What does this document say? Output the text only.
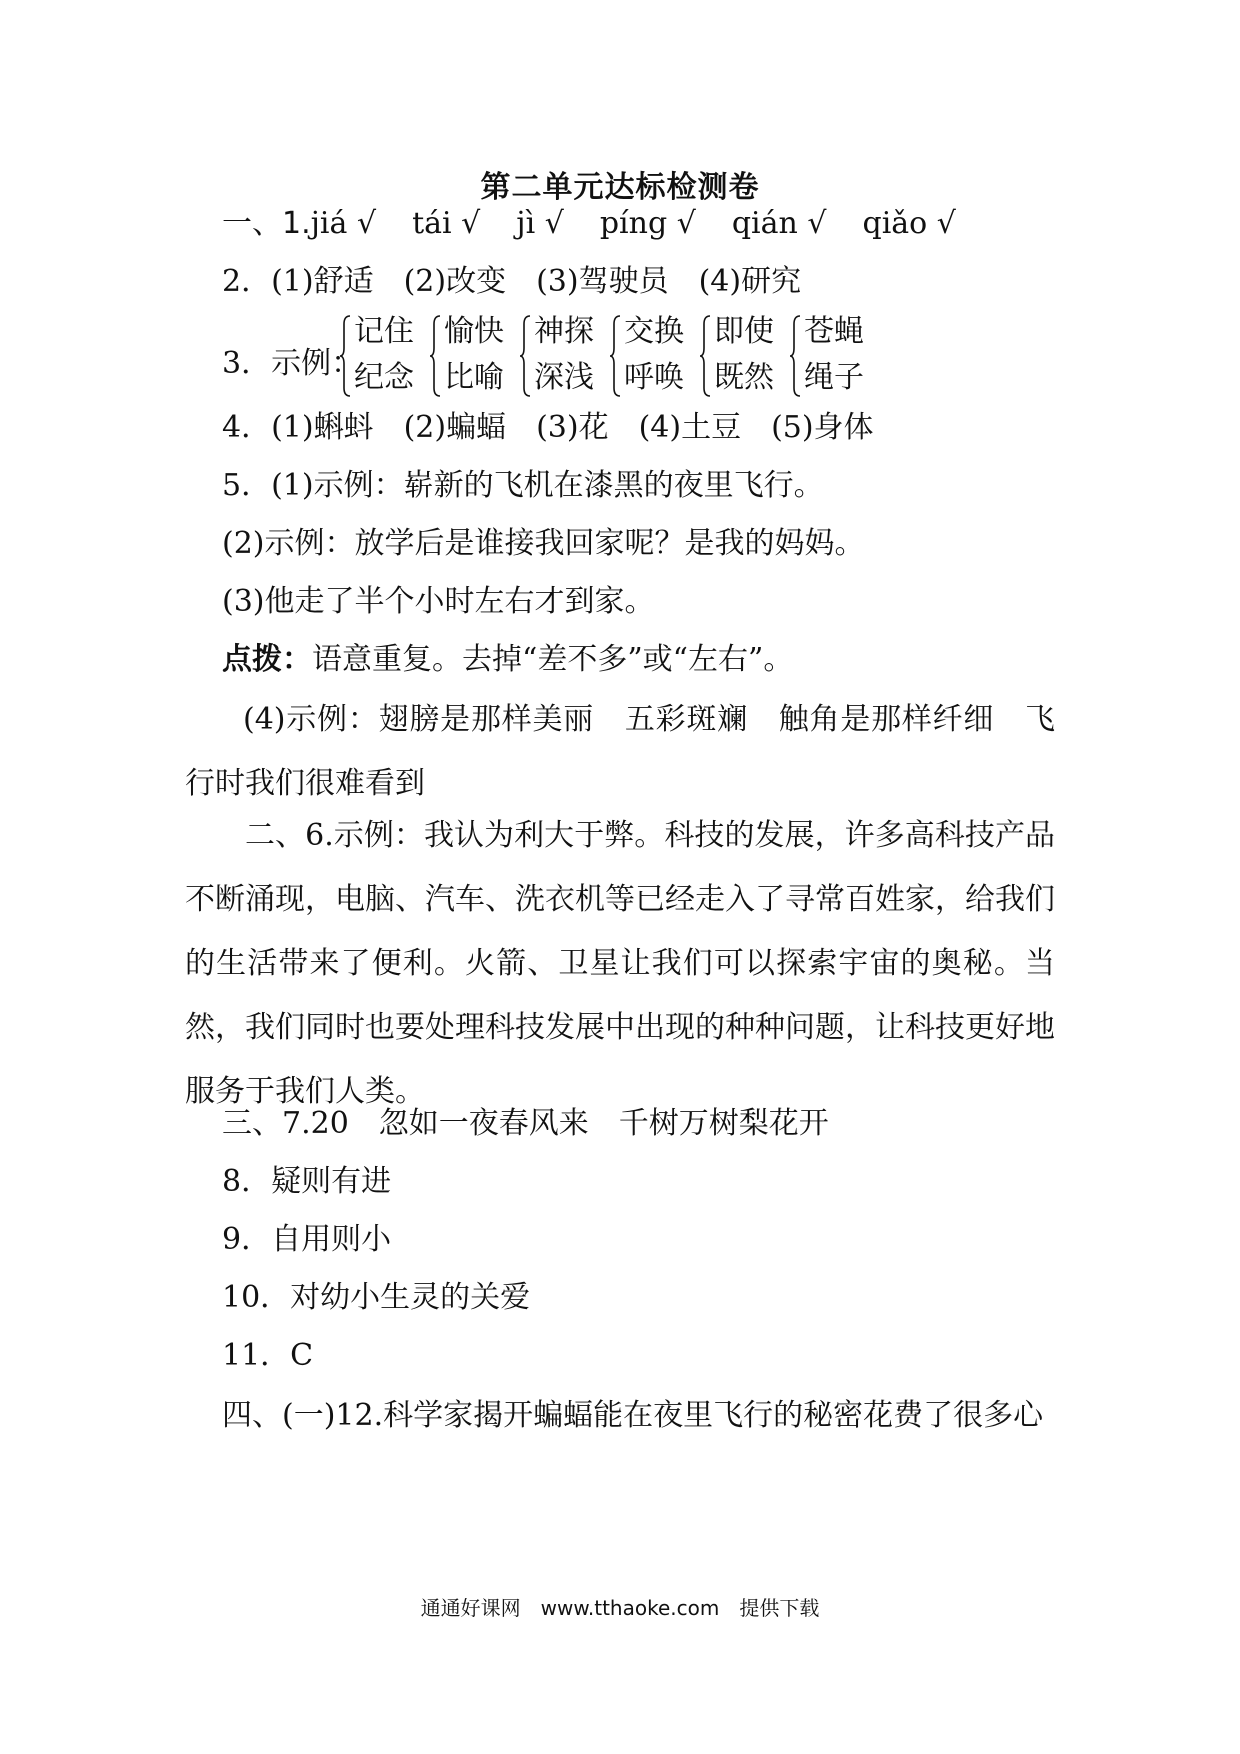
第二单元达标检测卷
一、1.jiá √ tái √ jì √ píng √ qián √ qiǎo √
2．(1)舒适　(2)改变　(3)驾驶员　(4)研究
3．示例：
记住
纪念
愉快
比喻
神探
深浅
交换
呼唤
即使
既然
苍蝇
绳子
4．(1)蝌蚪　(2)蝙蝠　(3)花　(4)土豆　(5)身体
5．(1)示例：崭新的飞机在漆黑的夜里飞行。
(2)示例：放学后是谁接我回家呢？是我的妈妈。
(3)他走了半个小时左右才到家。
点拨：语意重复。去掉“差不多”或“左右”。
(4)示例：翅膀是那样美丽　五彩斑斓　触角是那样纤细　飞行时我们很难看到
二、6.示例：我认为利大于弊。科技的发展，许多高科技产品不断涌现，电脑、汽车、洗衣机等已经走入了寻常百姓家，给我们的生活带来了便利。火箭、卫星让我们可以探索宇宙的奥秘。当然，我们同时也要处理科技发展中出现的种种问题，让科技更好地服务于我们人类。
三、7.20　忽如一夜春风来　千树万树梨花开
8．疑则有进
9．自用则小
10．对幼小生灵的关爱
11．C
四、(一)12.科学家揭开蝙蝠能在夜里飞行的秘密花费了很多心
通通好课网　www.tthaoke.com　提供下载
